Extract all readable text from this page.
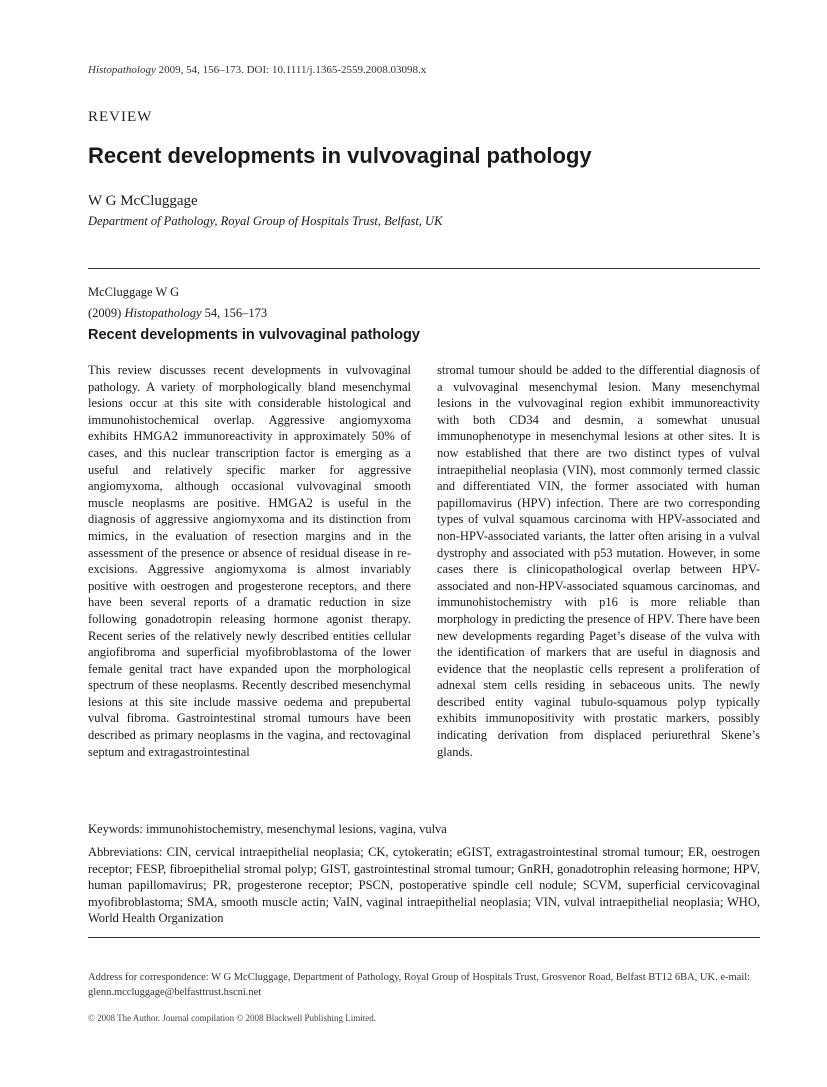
Histopathology 2009, 54, 156–173. DOI: 10.1111/j.1365-2559.2008.03098.x
REVIEW
Recent developments in vulvovaginal pathology
W G McCluggage
Department of Pathology, Royal Group of Hospitals Trust, Belfast, UK
McCluggage W G
(2009) Histopathology 54, 156–173
Recent developments in vulvovaginal pathology

This review discusses recent developments in vulvovaginal pathology. A variety of morphologically bland mesenchymal lesions occur at this site with considerable histological and immunohistochemical overlap. Aggressive angiomyxoma exhibits HMGA2 immunoreactivity in approximately 50% of cases, and this nuclear transcription factor is emerging as a useful and relatively specific marker for aggressive angiomyxoma, although occasional vulvovaginal smooth muscle neoplasms are positive. HMGA2 is useful in the diagnosis of aggressive angiomyxoma and its distinction from mimics, in the evaluation of resection margins and in the assessment of the presence or absence of residual disease in re-excisions. Aggressive angiomyxoma is almost invariably positive with oestrogen and progesterone receptors, and there have been several reports of a dramatic reduction in size following gonadotropin releasing hormone agonist therapy. Recent series of the relatively newly described entities cellular angiofibroma and superficial myofibroblastoma of the lower female genital tract have expanded upon the morphological spectrum of these neoplasms. Recently described mesenchymal lesions at this site include massive oedema and prepubertal vulval fibroma. Gastrointestinal stromal tumours have been described as primary neoplasms in the vagina, and rectovaginal septum and extragastrointestinal

stromal tumour should be added to the differential diagnosis of a vulvovaginal mesenchymal lesion. Many mesenchymal lesions in the vulvovaginal region exhibit immunoreactivity with both CD34 and desmin, a somewhat unusual immunophenotype in mesenchymal lesions at other sites. It is now established that there are two distinct types of vulval intraepithelial neoplasia (VIN), most commonly termed classic and differentiated VIN, the former associated with human papillomavirus (HPV) infection. There are two corresponding types of vulval squamous carcinoma with HPV-associated and non-HPV-associated variants, the latter often arising in a vulval dystrophy and associated with p53 mutation. However, in some cases there is clinicopathological overlap between HPV-associated and non-HPV-associated squamous carcinomas, and immunohistochemistry with p16 is more reliable than morphology in predicting the presence of HPV. There have been new developments regarding Paget’s disease of the vulva with the identification of markers that are useful in diagnosis and evidence that the neoplastic cells represent a proliferation of adnexal stem cells residing in sebaceous units. The newly described entity vaginal tubulo-squamous polyp typically exhibits immunopositivity with prostatic markers, possibly indicating derivation from displaced periurethral Skene’s glands.

Keywords: immunohistochemistry, mesenchymal lesions, vagina, vulva

Abbreviations: CIN, cervical intraepithelial neoplasia; CK, cytokeratin; eGIST, extragastrointestinal stromal tumour; ER, oestrogen receptor; FESP, fibroepithelial stromal polyp; GIST, gastrointestinal stromal tumour; GnRH, gonadotrophin releasing hormone; HPV, human papillomavirus; PR, progesterone receptor; PSCN, postoperative spindle cell nodule; SCVM, superficial cervicovaginal myofibroblastoma; SMA, smooth muscle actin; VaIN, vaginal intraepithelial neoplasia; VIN, vulval intraepithelial neoplasia; WHO, World Health Organization

Address for correspondence: W G McCluggage, Department of Pathology, Royal Group of Hospitals Trust, Grosvenor Road, Belfast BT12 6BA, UK. e-mail: glenn.mccluggage@belfasttrust.hscni.net

© 2008 The Author. Journal compilation © 2008 Blackwell Publishing Limited.
